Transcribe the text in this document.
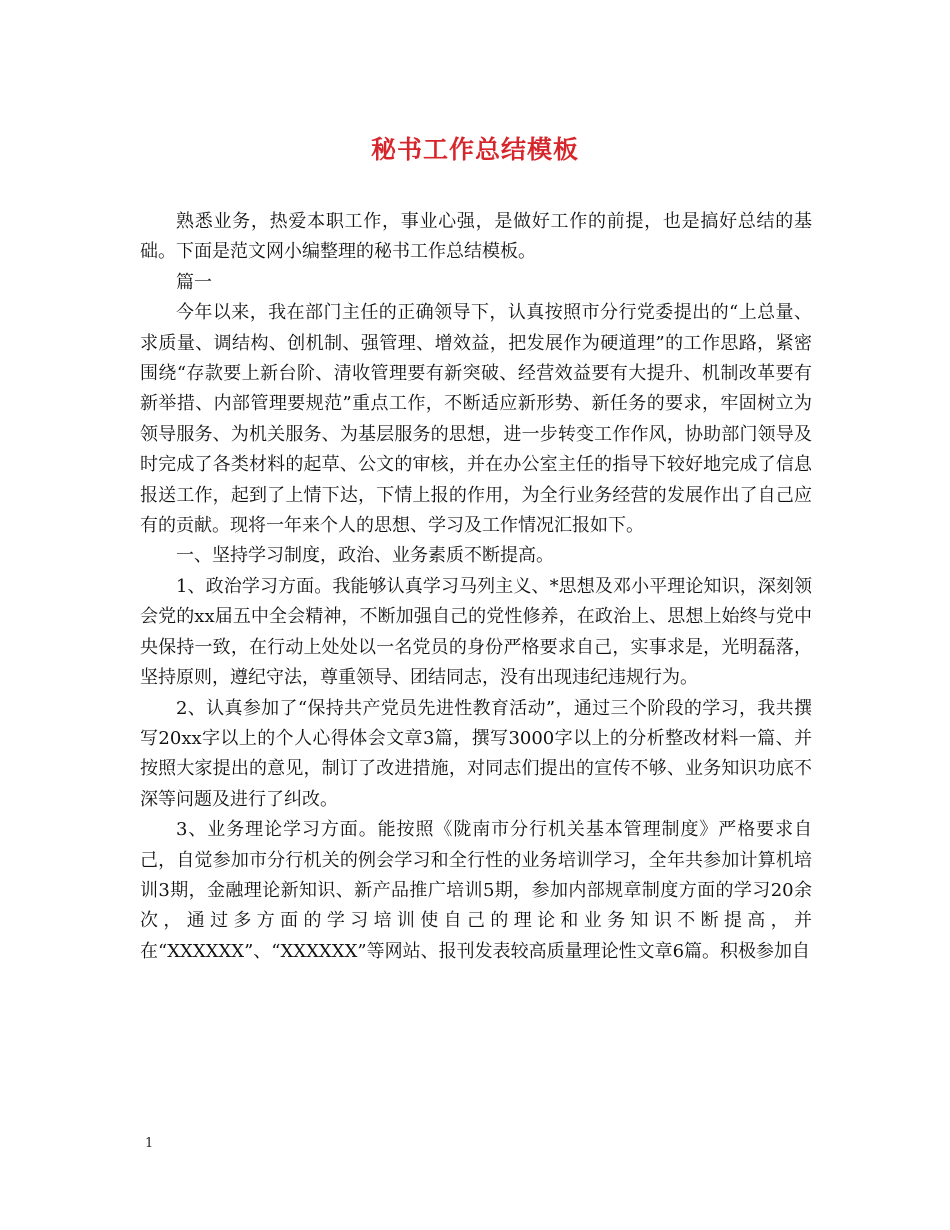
秘书工作总结模板

熟悉业务，热爱本职工作，事业心强，是做好工作的前提，也是搞好总结的基础。下面是范文网小编整理的秘书工作总结模板。

篇一

今年以来，我在部门主任的正确领导下，认真按照市分行党委提出的“上总量、求质量、调结构、创机制、强管理、增效益，把发展作为硬道理”的工作思路，紧密围绕“存款要上新台阶、清收管理要有新突破、经营效益要有大提升、机制改革要有新举措、内部管理要规范”重点工作，不断适应新形势、新任务的要求，牢固树立为领导服务、为机关服务、为基层服务的思想，进一步转变工作作风，协助部门领导及时完成了各类材料的起草、公文的审核，并在办公室主任的指导下较好地完成了信息报送工作，起到了上情下达，下情上报的作用，为全行业务经营的发展作出了自己应有的贡献。现将一年来个人的思想、学习及工作情况汇报如下。

一、坚持学习制度，政治、业务素质不断提高。

1、政治学习方面。我能够认真学习马列主义、*思想及邓小平理论知识，深刻领会党的xx届五中全会精神，不断加强自己的党性修养，在政治上、思想上始终与党中央保持一致，在行动上处处以一名党员的身份严格要求自己，实事求是，光明磊落，坚持原则，遵纪守法，尊重领导、团结同志，没有出现违纪违规行为。

2、认真参加了“保持共产党员先进性教育活动”，通过三个阶段的学习，我共撰写20xx字以上的个人心得体会文章3篇，撰写3000字以上的分析整改材料一篇、并按照大家提出的意见，制订了改进措施，对同志们提出的宣传不够、业务知识功底不深等问题及进行了纠改。

3、业务理论学习方面。能按照《陇南市分行机关基本管理制度》严格要求自己，自觉参加市分行机关的例会学习和全行性的业务培训学习，全年共参加计算机培训3期，金融理论新知识、新产品推广培训5期，参加内部规章制度方面的学习20余次，通过多方面的学习培训使自己的理论和业务知识不断提高，并在“XXXXXX”、“XXXXXX”等网站、报刊发表较高质量理论性文章6篇。积极参加自

1
